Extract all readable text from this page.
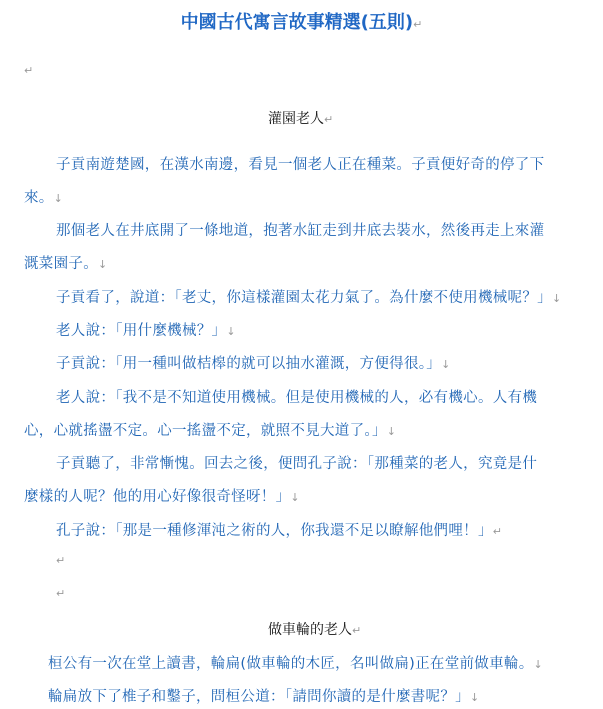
中國古代寓言故事精選(五則)↵
↵
灌園老人↵
子貢南遊楚國，在漢水南邊，看見一個老人正在種菜。子貢便好奇的停了下
來。↓
那個老人在井底開了一條地道，抱著水缸走到井底去裝水，然後再走上來灌
溉菜園子。↓
子貢看了，說道：「老丈，你這樣灌園太花力氣了。為什麼不使用機械呢？」↓
老人說：「用什麼機械？」↓
子貢說：「用一種叫做桔槔的就可以抽水灌溉，方便得很。」↓
老人說：「我不是不知道使用機械。但是使用機械的人，必有機心。人有機
心，心就搖盪不定。心一搖盪不定，就照不見大道了。」↓
子貢聽了，非常慚愧。回去之後，便問孔子說：「那種菜的老人，究竟是什
麼樣的人呢？他的用心好像很奇怪呀！」↓
孔子說：「那是一種修渾沌之術的人，你我還不足以瞭解他們哩！」↵
↵
↵
做車輪的老人↵
桓公有一次在堂上讀書，輪扁(做車輪的木匠，名叫做扁)正在堂前做車輪。↓
輪扁放下了椎子和鑿子，問桓公道：「請問你讀的是什麼書呢？」↓
